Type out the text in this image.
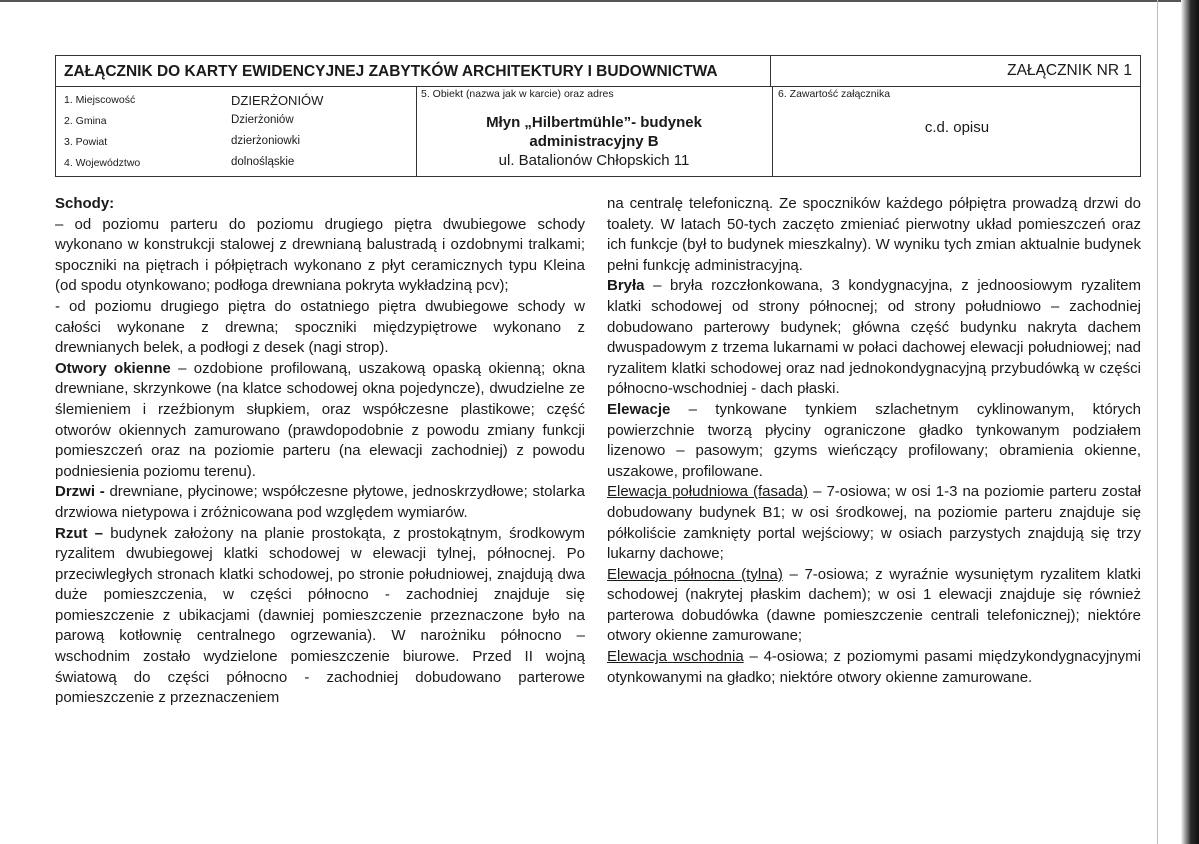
ZAŁĄCZNIK DO KARTY EWIDENCYJNEJ ZABYTKÓW ARCHITEKTURY I BUDOWNICTWA	ZAŁĄCZNIK NR 1
1. Miejscowość	DZIERŻONIÓW
2. Gmina	Dzierżoniów
3. Powiat	dzierżoniowki
4. Województwo	dolnośląskie
5. Obiekt (nazwa jak w karcie) oraz adres
Młyn „Hilbertmühle”- budynek
administracyjny B
ul. Batalionów Chłopskich 11
6. Zawartość załącznika
c.d. opisu

Schody:

– od poziomu parteru do poziomu drugiego piętra dwubiegowe schody wykonano w konstrukcji stalowej z drewnianą balustradą i ozdobnymi tralkami; spoczniki na piętrach i półpiętrach wykonano z płyt ceramicznych typu Kleina (od spodu otynkowano; podłoga drewniana pokryta wykładziną pcv);

- od poziomu drugiego piętra do ostatniego piętra dwubiegowe schody w całości wykonane z drewna; spoczniki międzypiętrowe wykonano z drewnianych belek, a podłogi z desek (nagi strop).

Otwory okienne – ozdobione profilowaną, uszakową opaską okienną; okna drewniane, skrzynkowe (na klatce schodowej okna pojedyncze), dwudzielne ze ślemieniem i rzeźbionym słupkiem, oraz współczesne plastikowe; część otworów okiennych zamurowano (prawdopodobnie z powodu zmiany funkcji pomieszczeń oraz na poziomie parteru (na elewacji zachodniej) z powodu podniesienia poziomu terenu).

Drzwi - drewniane, płycinowe; współczesne płytowe, jednoskrzydłowe; stolarka drzwiowa nietypowa i zróżnicowana pod względem wymiarów.

Rzut – budynek założony na planie prostokąta, z prostokątnym, środkowym ryzalitem dwubiegowej klatki schodowej w elewacji tylnej, północnej. Po przeciwległych stronach klatki schodowej, po stronie południowej, znajdują dwa duże pomieszczenia, w części północno - zachodniej znajduje się pomieszczenie z ubikacjami (dawniej pomieszczenie przeznaczone było na parową kotłownię centralnego ogrzewania). W narożniku północno – wschodnim zostało wydzielone pomieszczenie biurowe. Przed II wojną światową do części północno - zachodniej dobudowano parterowe pomieszczenie z przeznaczeniem

na centralę telefoniczną. Ze spoczników każdego półpiętra prowadzą drzwi do toalety. W latach 50-tych zaczęto zmieniać pierwotny układ pomieszczeń oraz ich funkcje (był to budynek mieszkalny). W wyniku tych zmian aktualnie budynek pełni funkcję administracyjną.

Bryła – bryła rozczłonkowana, 3 kondygnacyjna, z jednoosiowym ryzalitem klatki schodowej od strony północnej; od strony południowo – zachodniej dobudowano parterowy budynek; główna część budynku nakryta dachem dwuspadowym z trzema lukarnami w połaci dachowej elewacji południowej; nad ryzalitem klatki schodowej oraz nad jednokondygnacyjną przybudówką w części północno-wschodniej - dach płaski.

Elewacje – tynkowane tynkiem szlachetnym cyklinowanym, których powierzchnie tworzą płyciny ograniczone gładko tynkowanym podziałem lizenowo – pasowym; gzyms wieńczący profilowany; obramienia okienne, uszakowe, profilowane.

Elewacja południowa (fasada) – 7-osiowa; w osi 1-3 na poziomie parteru został dobudowany budynek B1; w osi środkowej, na poziomie parteru znajduje się półkoliście zamknięty portal wejściowy; w osiach parzystych znajdują się trzy lukarny dachowe;

Elewacja północna (tylna) – 7-osiowa; z wyraźnie wysuniętym ryzalitem klatki schodowej (nakrytej płaskim dachem); w osi 1 elewacji znajduje się również parterowa dobudówka (dawne pomieszczenie centrali telefonicznej); niektóre otwory okienne zamurowane;

Elewacja wschodnia – 4-osiowa; z poziomymi pasami międzykondygnacyjnymi otynkowanymi na gładko; niektóre otwory okienne zamurowane.
